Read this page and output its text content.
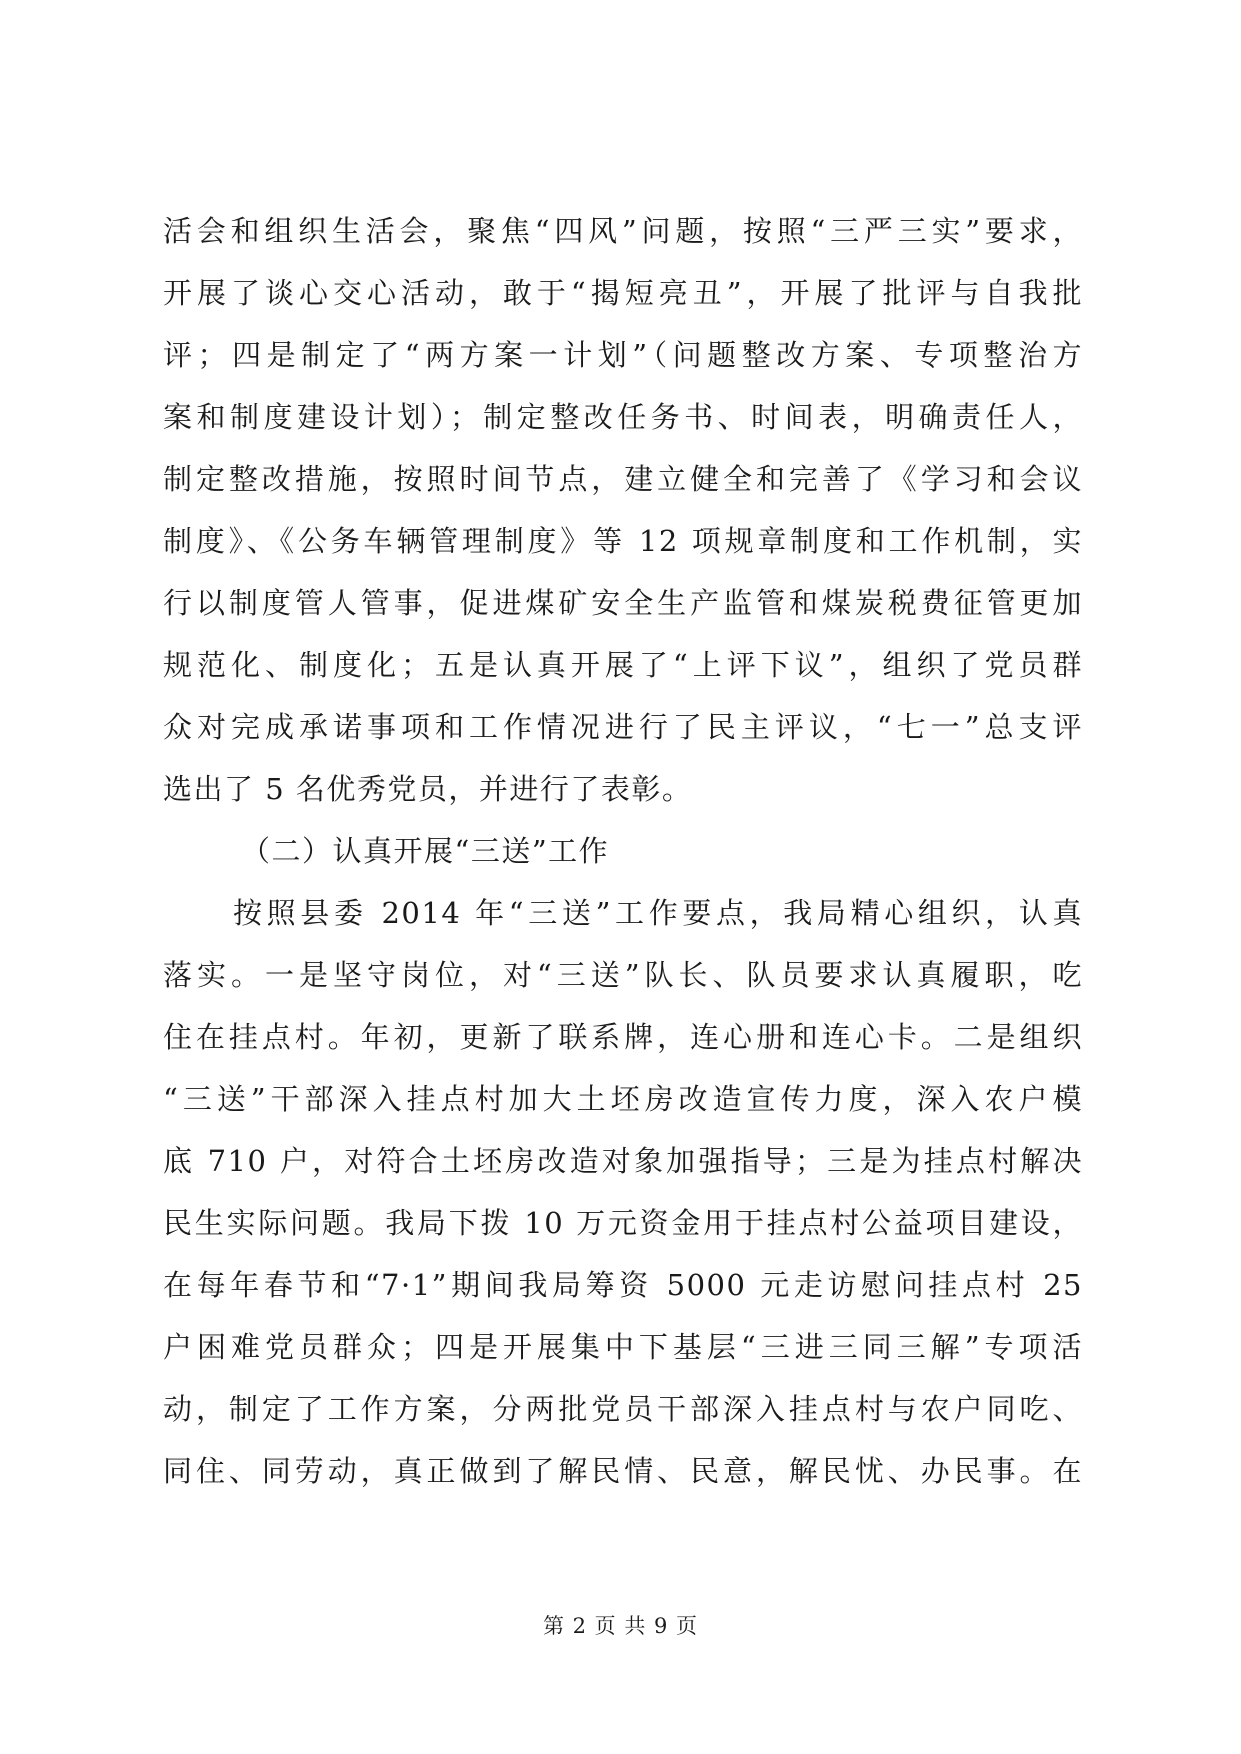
活会和组织生活会，聚焦“四风”问题，按照“三严三实”要求，
开展了谈心交心活动，敢于“揭短亮丑”，开展了批评与自我批
评；四是制定了“两方案一计划”（问题整改方案、专项整治方
案和制度建设计划）；制定整改任务书、时间表，明确责任人，
制定整改措施，按照时间节点，建立健全和完善了《学习和会议
制度》、《公务车辆管理制度》等 12 项规章制度和工作机制，实
行以制度管人管事，促进煤矿安全生产监管和煤炭税费征管更加
规范化、制度化；五是认真开展了“上评下议”，组织了党员群
众对完成承诺事项和工作情况进行了民主评议，“七一”总支评
选出了 5 名优秀党员，并进行了表彰。
（二）认真开展“三送”工作
按照县委 2014 年“三送”工作要点，我局精心组织，认真
落实。一是坚守岗位，对“三送”队长、队员要求认真履职，吃
住在挂点村。年初，更新了联系牌，连心册和连心卡。二是组织
“三送”干部深入挂点村加大土坯房改造宣传力度，深入农户模
底 710 户，对符合土坯房改造对象加强指导；三是为挂点村解决
民生实际问题。我局下拨 10 万元资金用于挂点村公益项目建设，
在每年春节和“7·1”期间我局筹资 5000 元走访慰问挂点村 25
户困难党员群众；四是开展集中下基层“三进三同三解”专项活
动，制定了工作方案，分两批党员干部深入挂点村与农户同吃、
同住、同劳动，真正做到了解民情、民意，解民忧、办民事。在
第 2 页 共 9 页
